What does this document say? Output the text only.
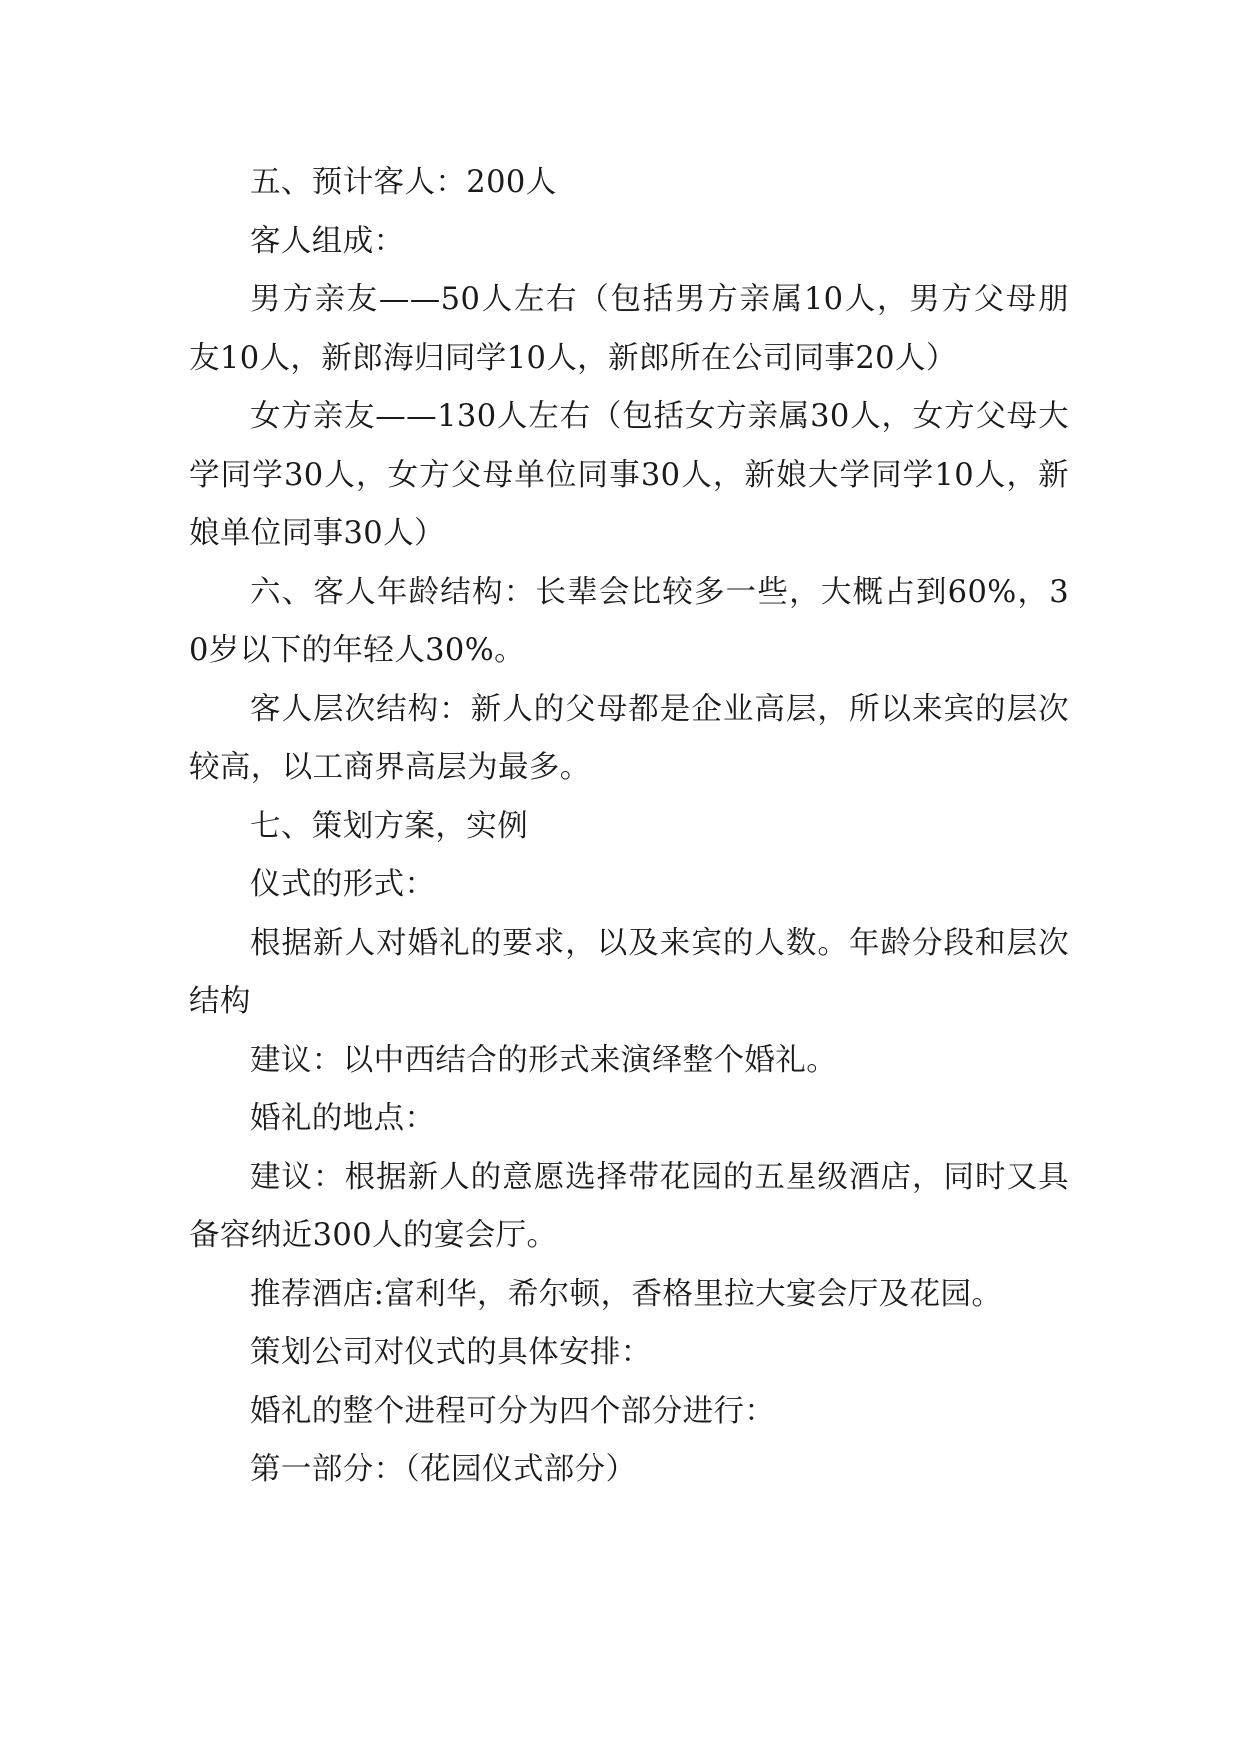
五、预计客人：200人

客人组成：

男方亲友——50人左右（包括男方亲属10人，男方父母朋友10人，新郎海归同学10人，新郎所在公司同事20人）

女方亲友——130人左右（包括女方亲属30人，女方父母大学同学30人，女方父母单位同事30人，新娘大学同学10人，新娘单位同事30人）

六、客人年龄结构：长辈会比较多一些，大概占到60%，30岁以下的年轻人30%。

客人层次结构：新人的父母都是企业高层，所以来宾的层次较高，以工商界高层为最多。

七、策划方案，实例

仪式的形式：

根据新人对婚礼的要求，以及来宾的人数。年龄分段和层次结构

建议：以中西结合的形式来演绎整个婚礼。

婚礼的地点：

建议：根据新人的意愿选择带花园的五星级酒店，同时又具备容纳近300人的宴会厅。

推荐酒店:富利华，希尔顿，香格里拉大宴会厅及花园。

策划公司对仪式的具体安排：

婚礼的整个进程可分为四个部分进行：

第一部分：（花园仪式部分）
